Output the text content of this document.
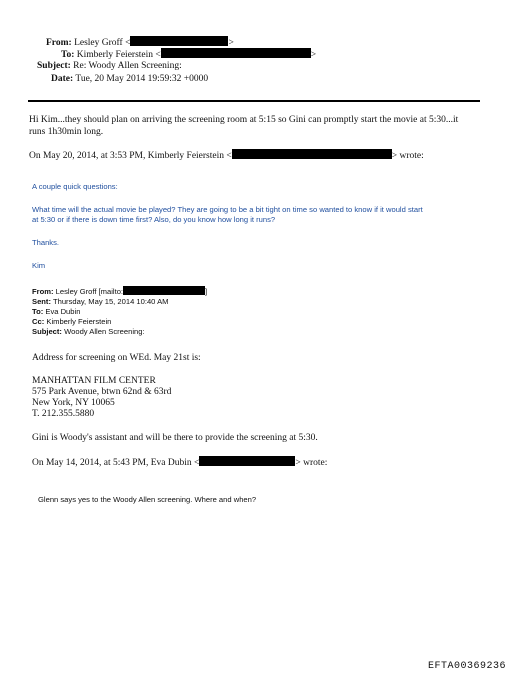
From: Lesley Groff <	>
To: Kimberly Feierstein <	>
Subject: Re: Woody Allen Screening:
Date: Tue, 20 May 2014 19:59:32 +0000
Hi Kim...they should plan on arriving the screening room at 5:15 so Gini can promptly start the movie at 5:30...it
runs 1h30min long.
On May 20, 2014, at 3:53 PM, Kimberly Feierstein <	> wrote:
A couple quick questions:
What time will the actual movie be played? They are going to be a bit tight on time so wanted to know if it would start
at 5:30 or if there is down time first? Also, do you know how long it runs?
Thanks.
Kim
From: Lesley Groff [mailto:	]
Sent: Thursday, May 15, 2014 10:40 AM
To: Eva Dubin
Cc: Kimberly Feierstein
Subject: Woody Allen Screening:
Address for screening on WEd. May 21st is:
MANHATTAN FILM CENTER
575 Park Avenue, btwn 62nd & 63rd
New York, NY 10065
T. 212.355.5880
Gini is Woody's assistant and will be there to provide the screening at 5:30.
On May 14, 2014, at 5:43 PM, Eva Dubin <	> wrote:
Glenn says yes to the Woody Allen screening. Where and when?
EFTA00369236
